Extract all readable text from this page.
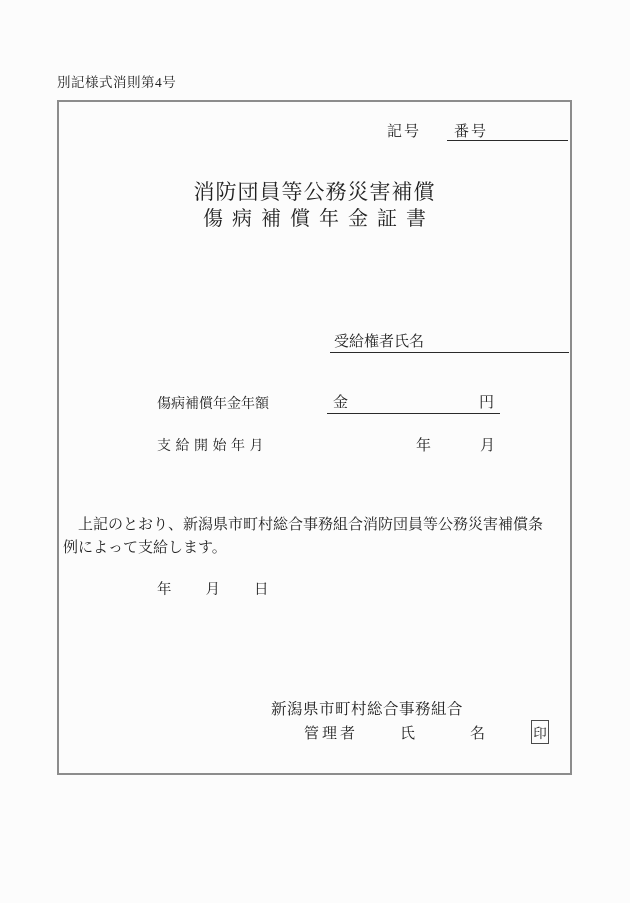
別記様式消則第4号
記号	番号
消防団員等公務災害補償
傷病補償年金証書
受給権者氏名
傷病補償年金年額	金	円
支給開始年月	年	月
上記のとおり、新潟県市町村総合事務組合消防団員等公務災害補償条
例によって支給します。
年 月 日
新潟県市町村総合事務組合
管理者	氏	名	印
